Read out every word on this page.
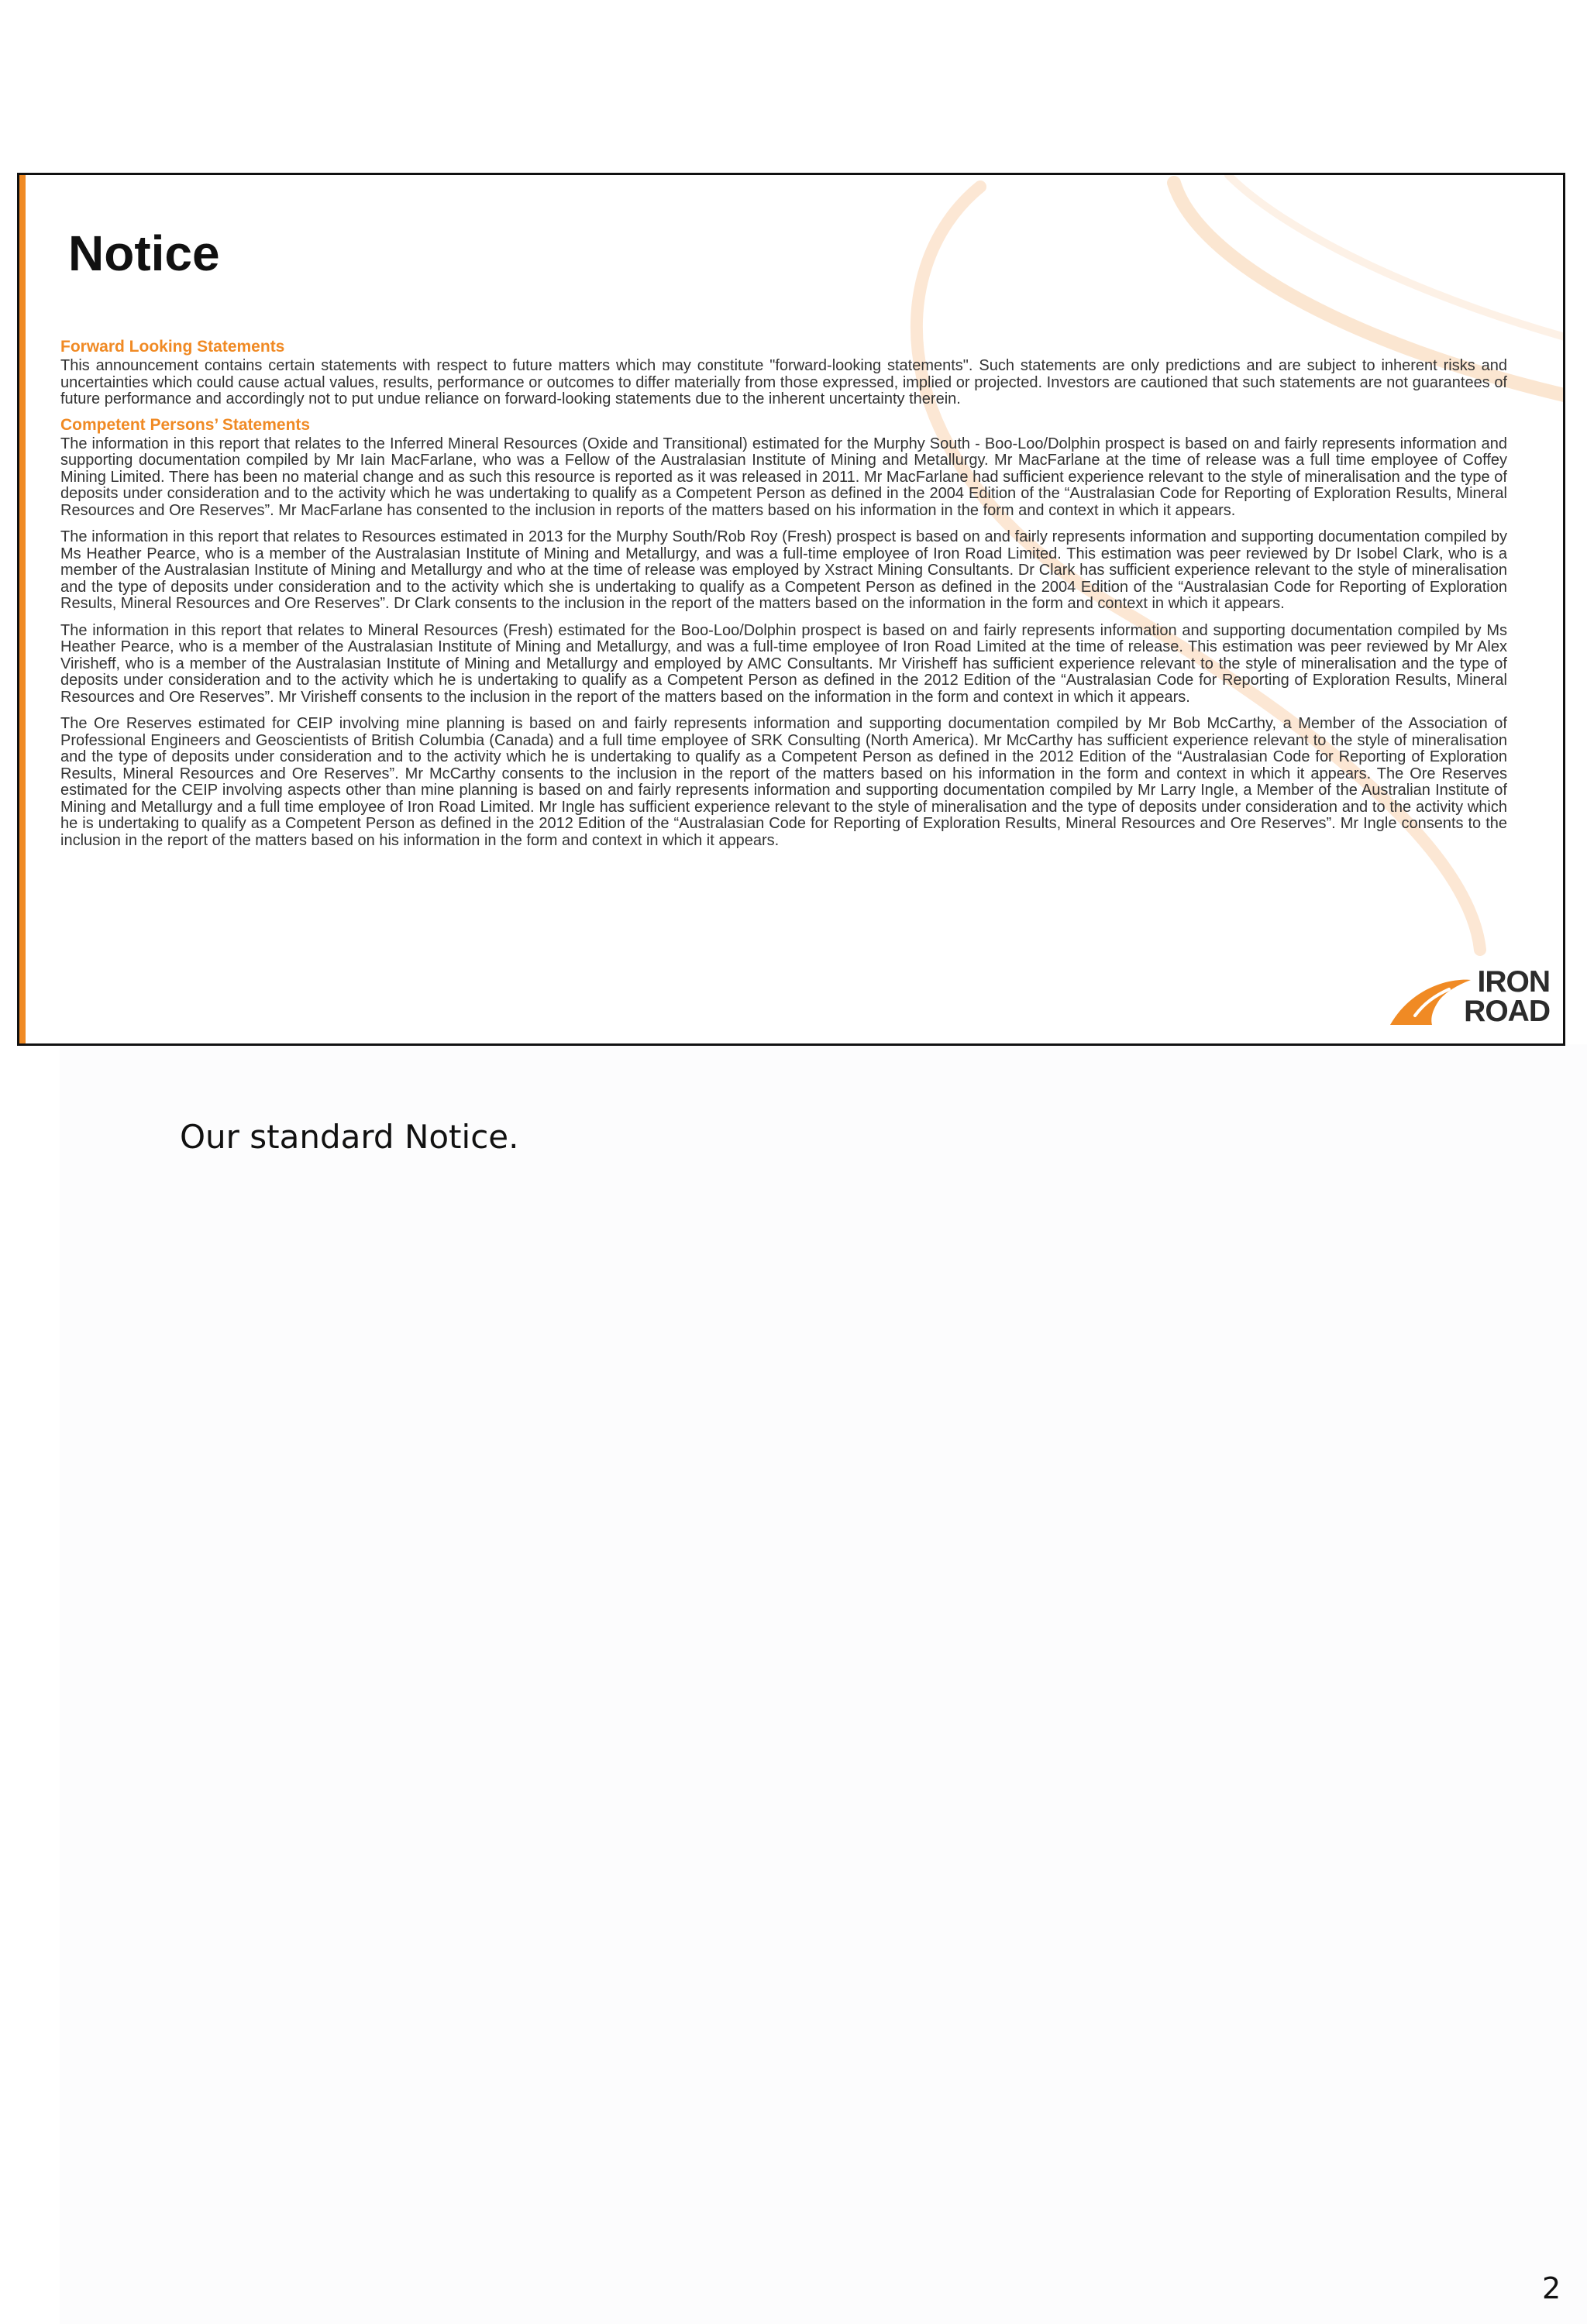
Notice
Forward Looking Statements

This announcement contains certain statements with respect to future matters which may constitute "forward-looking statements". Such statements are only predictions and are subject to inherent risks and uncertainties which could cause actual values, results, performance or outcomes to differ materially from those expressed, implied or projected. Investors are cautioned that such statements are not guarantees of future performance and accordingly not to put undue reliance on forward-looking statements due to the inherent uncertainty therein.

Competent Persons’ Statements

The information in this report that relates to the Inferred Mineral Resources (Oxide and Transitional) estimated for the Murphy South - Boo-Loo/Dolphin prospect is based on and fairly represents information and supporting documentation compiled by Mr Iain MacFarlane, who was a Fellow of the Australasian Institute of Mining and Metallurgy. Mr MacFarlane at the time of release was a full time employee of Coffey Mining Limited. There has been no material change and as such this resource is reported as it was released in 2011. Mr MacFarlane had sufficient experience relevant to the style of mineralisation and the type of deposits under consideration and to the activity which he was undertaking to qualify as a Competent Person as defined in the 2004 Edition of the “Australasian Code for Reporting of Exploration Results, Mineral Resources and Ore Reserves”. Mr MacFarlane has consented to the inclusion in reports of the matters based on his information in the form and context in which it appears.

The information in this report that relates to Resources estimated in 2013 for the Murphy South/Rob Roy (Fresh) prospect is based on and fairly represents information and supporting documentation compiled by Ms Heather Pearce, who is a member of the Australasian Institute of Mining and Metallurgy, and was a full-time employee of Iron Road Limited. This estimation was peer reviewed by Dr Isobel Clark, who is a member of the Australasian Institute of Mining and Metallurgy and who at the time of release was employed by Xstract Mining Consultants. Dr Clark has sufficient experience relevant to the style of mineralisation and the type of deposits under consideration and to the activity which she is undertaking to qualify as a Competent Person as defined in the 2004 Edition of the “Australasian Code for Reporting of Exploration Results, Mineral Resources and Ore Reserves”. Dr Clark consents to the inclusion in the report of the matters based on the information in the form and context in which it appears.

The information in this report that relates to Mineral Resources (Fresh) estimated for the Boo-Loo/Dolphin prospect is based on and fairly represents information and supporting documentation compiled by Ms Heather Pearce, who is a member of the Australasian Institute of Mining and Metallurgy, and was a full-time employee of Iron Road Limited at the time of release. This estimation was peer reviewed by Mr Alex Virisheff, who is a member of the Australasian Institute of Mining and Metallurgy and employed by AMC Consultants. Mr Virisheff has sufficient experience relevant to the style of mineralisation and the type of deposits under consideration and to the activity which he is undertaking to qualify as a Competent Person as defined in the 2012 Edition of the “Australasian Code for Reporting of Exploration Results, Mineral Resources and Ore Reserves”. Mr Virisheff consents to the inclusion in the report of the matters based on the information in the form and context in which it appears.

The Ore Reserves estimated for CEIP involving mine planning is based on and fairly represents information and supporting documentation compiled by Mr Bob McCarthy, a Member of the Association of Professional Engineers and Geoscientists of British Columbia (Canada) and a full time employee of SRK Consulting (North America). Mr McCarthy has sufficient experience relevant to the style of mineralisation and the type of deposits under consideration and to the activity which he is undertaking to qualify as a Competent Person as defined in the 2012 Edition of the “Australasian Code for Reporting of Exploration Results, Mineral Resources and Ore Reserves”. Mr McCarthy consents to the inclusion in the report of the matters based on his information in the form and context in which it appears. The Ore Reserves estimated for the CEIP involving aspects other than mine planning is based on and fairly represents information and supporting documentation compiled by Mr Larry Ingle, a Member of the Australian Institute of Mining and Metallurgy and a full time employee of Iron Road Limited. Mr Ingle has sufficient experience relevant to the style of mineralisation and the type of deposits under consideration and to the activity which he is undertaking to qualify as a Competent Person as defined in the 2012 Edition of the “Australasian Code for Reporting of Exploration Results, Mineral Resources and Ore Reserves”. Mr Ingle consents to the inclusion in the report of the matters based on his information in the form and context in which it appears.

IRON
ROAD

Our standard Notice.

2
